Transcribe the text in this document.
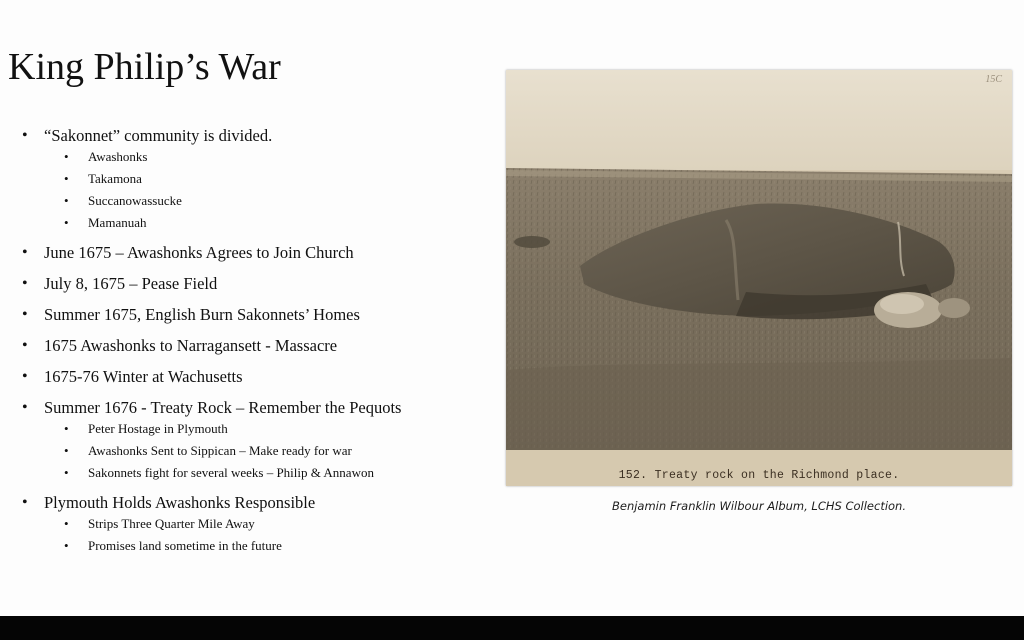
King Philip’s War
• “Sakonnet” community is divided.
• Awashonks
• Takamona
• Succanowassucke
• Mamanuah
• June 1675 – Awashonks Agrees to Join Church
• July 8, 1675 – Pease Field
• Summer 1675, English Burn Sakonnets’ Homes
• 1675 Awashonks to Narragansett - Massacre
• 1675-76 Winter at Wachusetts
• Summer 1676 - Treaty Rock – Remember the Pequots
• Peter Hostage in Plymouth
• Awashonks Sent to Sippican – Make ready for war
• Sakonnets fight for several weeks – Philip & Annawon
• Plymouth Holds Awashonks Responsible
• Strips Three Quarter Mile Away
• Promises land sometime in the future
15C
152. Treaty rock on the Richmond place.
Benjamin Franklin Wilbour Album, LCHS Collection.
